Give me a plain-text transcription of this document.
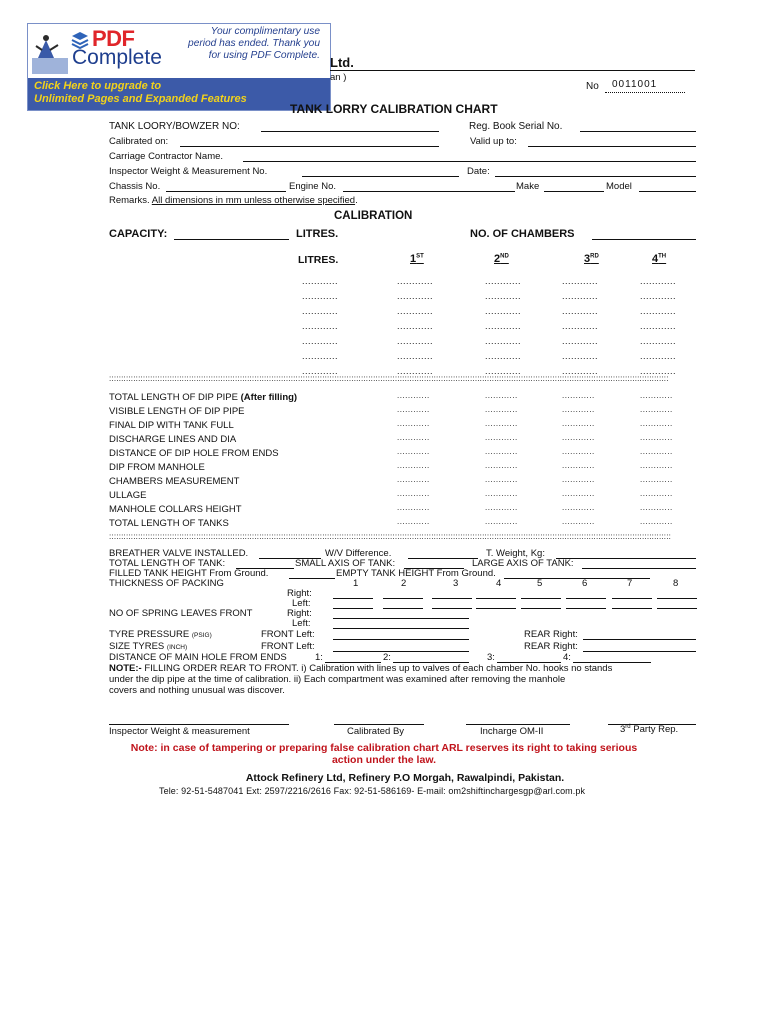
PDF
Complete
Your complimentary use period has ended. Thank you for using PDF Complete.
Click Here to upgrade to
Unlimited Pages and Expanded Features
Ltd.
an )
No 0011001
TANK LORRY CALIBRATION CHART
TANK LOORY/BOWZER NO:	Reg. Book Serial No.
Calibrated on:	Valid up to:
Carriage Contractor Name.
Inspector Weight & Measurement No.	Date:
Chassis No.	Engine No.	Make	Model
Remarks. All dimensions in mm unless otherwise specified.
CALIBRATION
CAPACITY:	LITRES.	NO. OF CHAMBERS
LITRES.	1ST	2ND	3RD	4TH
............	............	............	............	............
............	............	............	............	............
............	............	............	............	............
............	............	............	............	............
............	............	............	............	............
............	............	............	............	............
............	............	............	............	............
:::::::::::::::::::::::::::::::::::::::::::::::::::::::::::::::::::::::::::::::::::::::::::::::::::::::::::::::::::::::::::::::::::::::::::::::::::::::::::::::::::::::::::::::::::::::::::::::::::::::::::::::::::::::::::::::::::::::
TOTAL LENGTH OF DIP PIPE (After filling)	............	............	............	............
VISIBLE LENGTH OF DIP PIPE	............	............	............	............
FINAL DIP WITH TANK FULL	............	............	............	............
DISCHARGE LINES AND DIA	............	............	............	............
DISTANCE OF DIP HOLE FROM ENDS	............	............	............	............
DIP FROM MANHOLE	............	............	............	............
CHAMBERS MEASUREMENT	............	............	............	............
ULLAGE	............	............	............	............
MANHOLE COLLARS HEIGHT	............	............	............	............
TOTAL LENGTH OF TANKS	............	............	............	............
::::::::::::::::::::::::::::::::::::::::::::::::::::::::::::::::::::::::::::::::::::::::::::::::::::::::::::::::::::::::::::::::::::::::::::::::::::::::::::::::::::::::::::::::::::::::::::::::::::::::::::::::::::::::::::::::::::::::
BREATHER VALVE INSTALLED.	W/V Difference.	T. Weight, Kg:
TOTAL LENGTH OF TANK:	SMALL AXIS OF TANK:	LARGE AXIS OF TANK:
FILLED TANK HEIGHT From Ground.	EMPTY TANK HEIGHT From Ground.
THICKNESS OF PACKING	1	2	3	4	5	6	7	8
Right:
Left:
NO OF SPRING LEAVES FRONT	Right:
Left:
TYRE PRESSURE (PSIG)	FRONT Left:	REAR Right:
SIZE TYRES (INCH)	FRONT Left:	REAR Right:
DISTANCE OF MAIN HOLE FROM ENDS	1:	2:	3:	4:
NOTE:- FILLING ORDER REAR TO FRONT. i) Calibration with lines up to valves of each chamber No. hooks no stands
under the dip pipe at the time of calibration. ii) Each compartment was examined after removing the manhole
covers and nothing unusual was discover.
Inspector Weight & measurement	Calibrated By	Incharge OM-II	3rd Party Rep.
Note: in case of tampering or preparing false calibration chart ARL reserves its right to taking serious
action under the law.
Attock Refinery Ltd, Refinery P.O Morgah, Rawalpindi, Pakistan.
Tele: 92-51-5487041 Ext: 2597/2216/2616 Fax: 92-51-586169- E-mail: om2shiftinchargesgp@arl.com.pk
